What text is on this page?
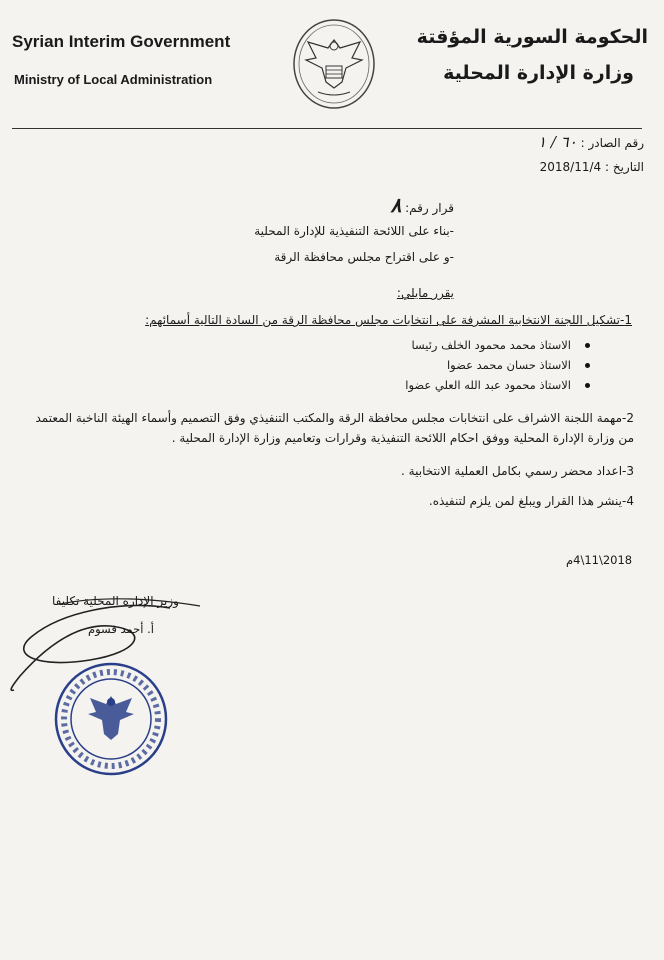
Syrian Interim Government
Ministry of Local Administration
الحكومة السورية المؤقتة
وزارة الإدارة المحلية
رقم الصادر : ٦٠ / ١
التاريخ : 2018/11/4
قرار رقم: ٨
-بناء على اللائحة التنفيذية للإدارة المحلية
-و على اقتراح مجلس محافظة الرقة
يقرر مايلي:
1-تشكيل اللجنة الانتخابية المشرفة على انتخابات مجلس محافظة الرقة من السادة التالية أسمائهم:
الاستاذ محمد محمود الخلف رئيسا
الاستاذ حسان محمد عضوا
الاستاذ محمود عبد الله العلي عضوا
2-مهمة اللجنة الاشراف على انتخابات مجلس محافظة الرقة والمكتب التنفيذي وفق التصميم وأسماء الهيئة الناخبة المعتمد من وزارة الإدارة المحلية ووفق احكام اللائحة التنفيذية وقرارات وتعاميم وزارة الإدارة المحلية .
3-اعداد محضر رسمي بكامل العملية الانتخابية .
4-ينشر هذا القرار ويبلغ لمن يلزم لتنفيذه.
2018\11\4م
وزير الإدارة المحلية تكليفا
أ. أحمد قسوم
